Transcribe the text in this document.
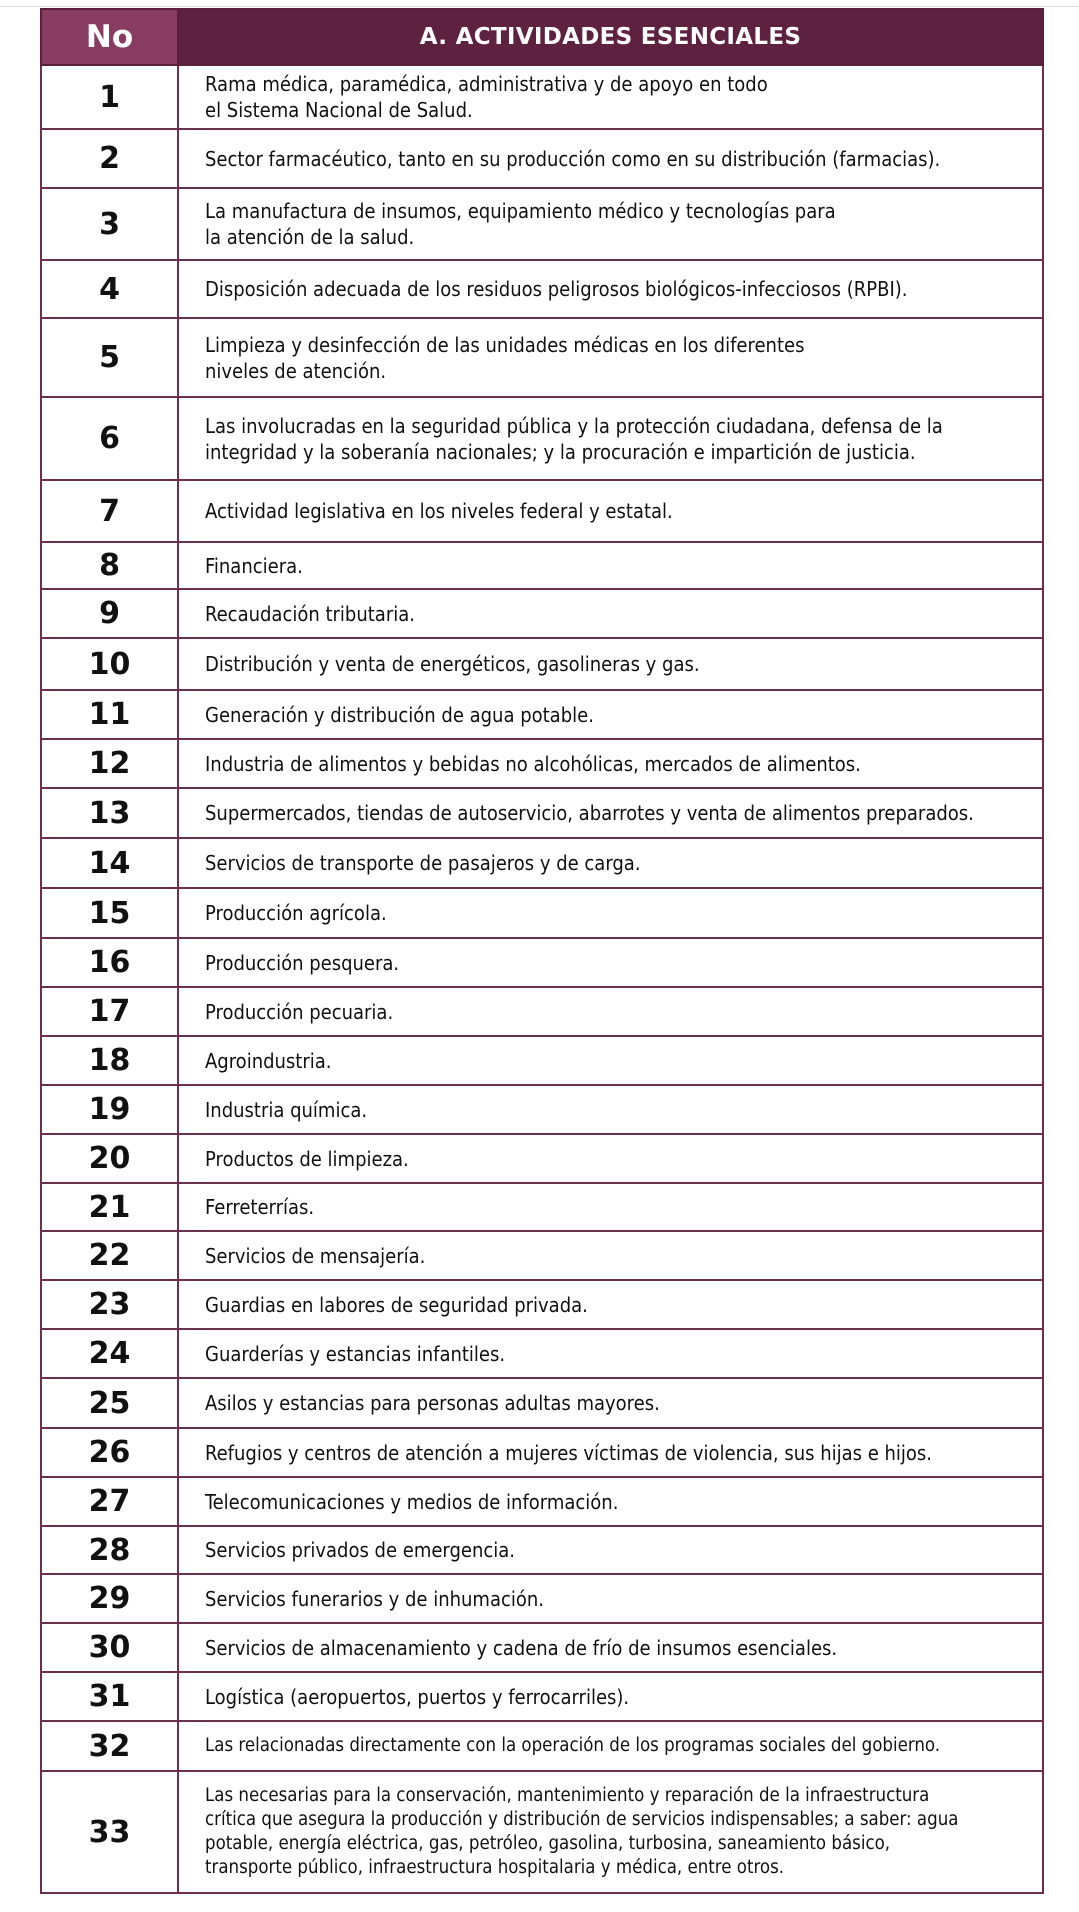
No	A. ACTIVIDADES ESENCIALES
1	Rama médica, paramédica, administrativa y de apoyo en todo
el Sistema Nacional de Salud.
2	Sector farmacéutico, tanto en su producción como en su distribución (farmacias).
3	La manufactura de insumos, equipamiento médico y tecnologías para
la atención de la salud.
4	Disposición adecuada de los residuos peligrosos biológicos-infecciosos (RPBI).
5	Limpieza y desinfección de las unidades médicas en los diferentes
niveles de atención.
6	Las involucradas en la seguridad pública y la protección ciudadana, defensa de la
integridad y la soberanía nacionales; y la procuración e impartición de justicia.
7	Actividad legislativa en los niveles federal y estatal.
8	Financiera.
9	Recaudación tributaria.
10	Distribución y venta de energéticos, gasolineras y gas.
11	Generación y distribución de agua potable.
12	Industria de alimentos y bebidas no alcohólicas, mercados de alimentos.
13	Supermercados, tiendas de autoservicio, abarrotes y venta de alimentos preparados.
14	Servicios de transporte de pasajeros y de carga.
15	Producción agrícola.
16	Producción pesquera.
17	Producción pecuaria.
18	Agroindustria.
19	Industria química.
20	Productos de limpieza.
21	Ferreterrías.
22	Servicios de mensajería.
23	Guardias en labores de seguridad privada.
24	Guarderías y estancias infantiles.
25	Asilos y estancias para personas adultas mayores.
26	Refugios y centros de atención a mujeres víctimas de violencia, sus hijas e hijos.
27	Telecomunicaciones y medios de información.
28	Servicios privados de emergencia.
29	Servicios funerarios y de inhumación.
30	Servicios de almacenamiento y cadena de frío de insumos esenciales.
31	Logística (aeropuertos, puertos y ferrocarriles).
32	Las relacionadas directamente con la operación de los programas sociales del gobierno.
33	Las necesarias para la conservación, mantenimiento y reparación de la infraestructura
crítica que asegura la producción y distribución de servicios indispensables; a saber: agua
potable, energía eléctrica, gas, petróleo, gasolina, turbosina, saneamiento básico,
transporte público, infraestructura hospitalaria y médica, entre otros.
